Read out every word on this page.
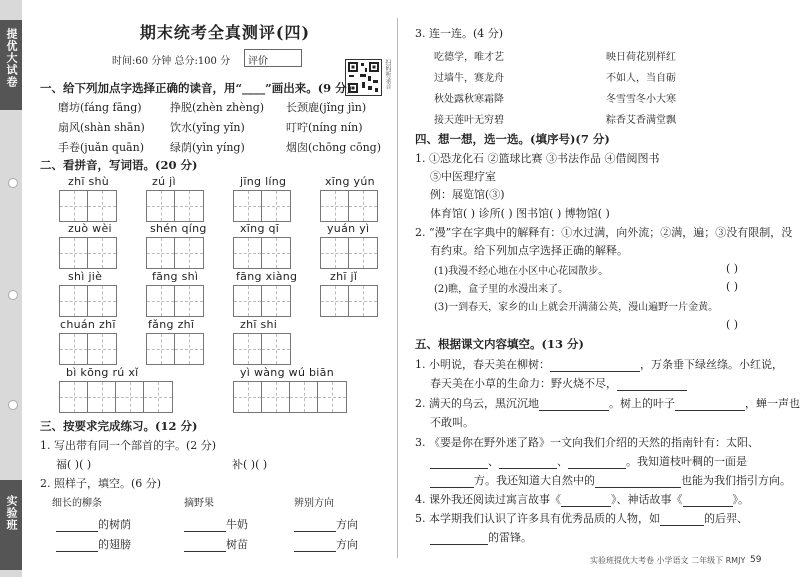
提优大试卷
实验班
期末统考全真测评(四)
时间:60 分钟 总分:100 分	评价	扫码听录音
一、给下列加点字选择正确的读音，用“____”画出来。(9 分)
磨坊(fáng fāng)	挣脱(zhèn zhèng) 长颈鹿(jǐng jìn)
扇风(shàn shān) 饮水(yǐng yǐn)	叮咛(níng nín)
手卷(juǎn quān) 绿荫(yìn yíng)	烟囱(chōng cōng)
二、看拼音，写词语。(20 分)
zhī shù	zú jì	jīng líng	xīng yún
zuò wèi	shén qíng	xīng qī	yuán yì
shì jiè	fāng shì	fāng xiàng	zhī jǐ
chuán zhī	fǎng zhī	zhī shi
bì kōng rú xǐ	yì wàng wú biān
三、按要求完成练习。(12 分)
1. 写出带有同一个部首的字。(2 分)
福( )( )	补( )( )
2. 照样子，填空。(6 分)
细长的柳条	摘野果	辨别方向
的树荫	牛奶	方向
的翅膀	树苗	方向
3. 连一连。(4 分)
吃德学，唯才艺
过墙牛，赛龙舟
秋处露秋寒霜降
接天莲叶无穷碧
映日荷花别样红
不如人，当自砺
冬雪雪冬小大寒
粽香艾香满堂飘
四、想一想，选一选。(填序号)(7 分)
1. ①恐龙化石 ②篮球比赛 ③书法作品 ④借阅图书
⑤中医理疗室
例：展览馆(③)
体育馆( ) 诊所( ) 图书馆( ) 博物馆( )
2. “漫”字在字典中的解释有：①水过满，向外流；②满，遍；③没有限制，没
有约束。给下列加点字选择正确的解释。
(1)我漫不经心地在小区中心花园散步。	( )
(2)瞧，盒子里的水漫出来了。	( )
(3)一到春天，家乡的山上就会开满蒲公英，漫山遍野一片金黄。
( )
五、根据课文内容填空。(13 分)
1. 小明说，春天美在柳树：	，万条垂下绿丝绦。小红说，
春天美在小草的生命力：野火烧不尽，
2. 满天的乌云，黑沉沉地	。树上的叶子	，蝉一声也
不敢叫。
3. 《要是你在野外迷了路》一文向我们介绍的天然的指南针有：太阳、
、	、	。我知道枝叶稠的一面是
方。我还知道大自然中的	也能为我们指引方向。
4. 课外我还阅读过寓言故事《	》、神话故事《	》。
5. 本学期我们认识了许多具有优秀品质的人物，如	的后羿、
的雷锋。
实验班提优大考卷 小学语文 二年级下 RMJY 59
